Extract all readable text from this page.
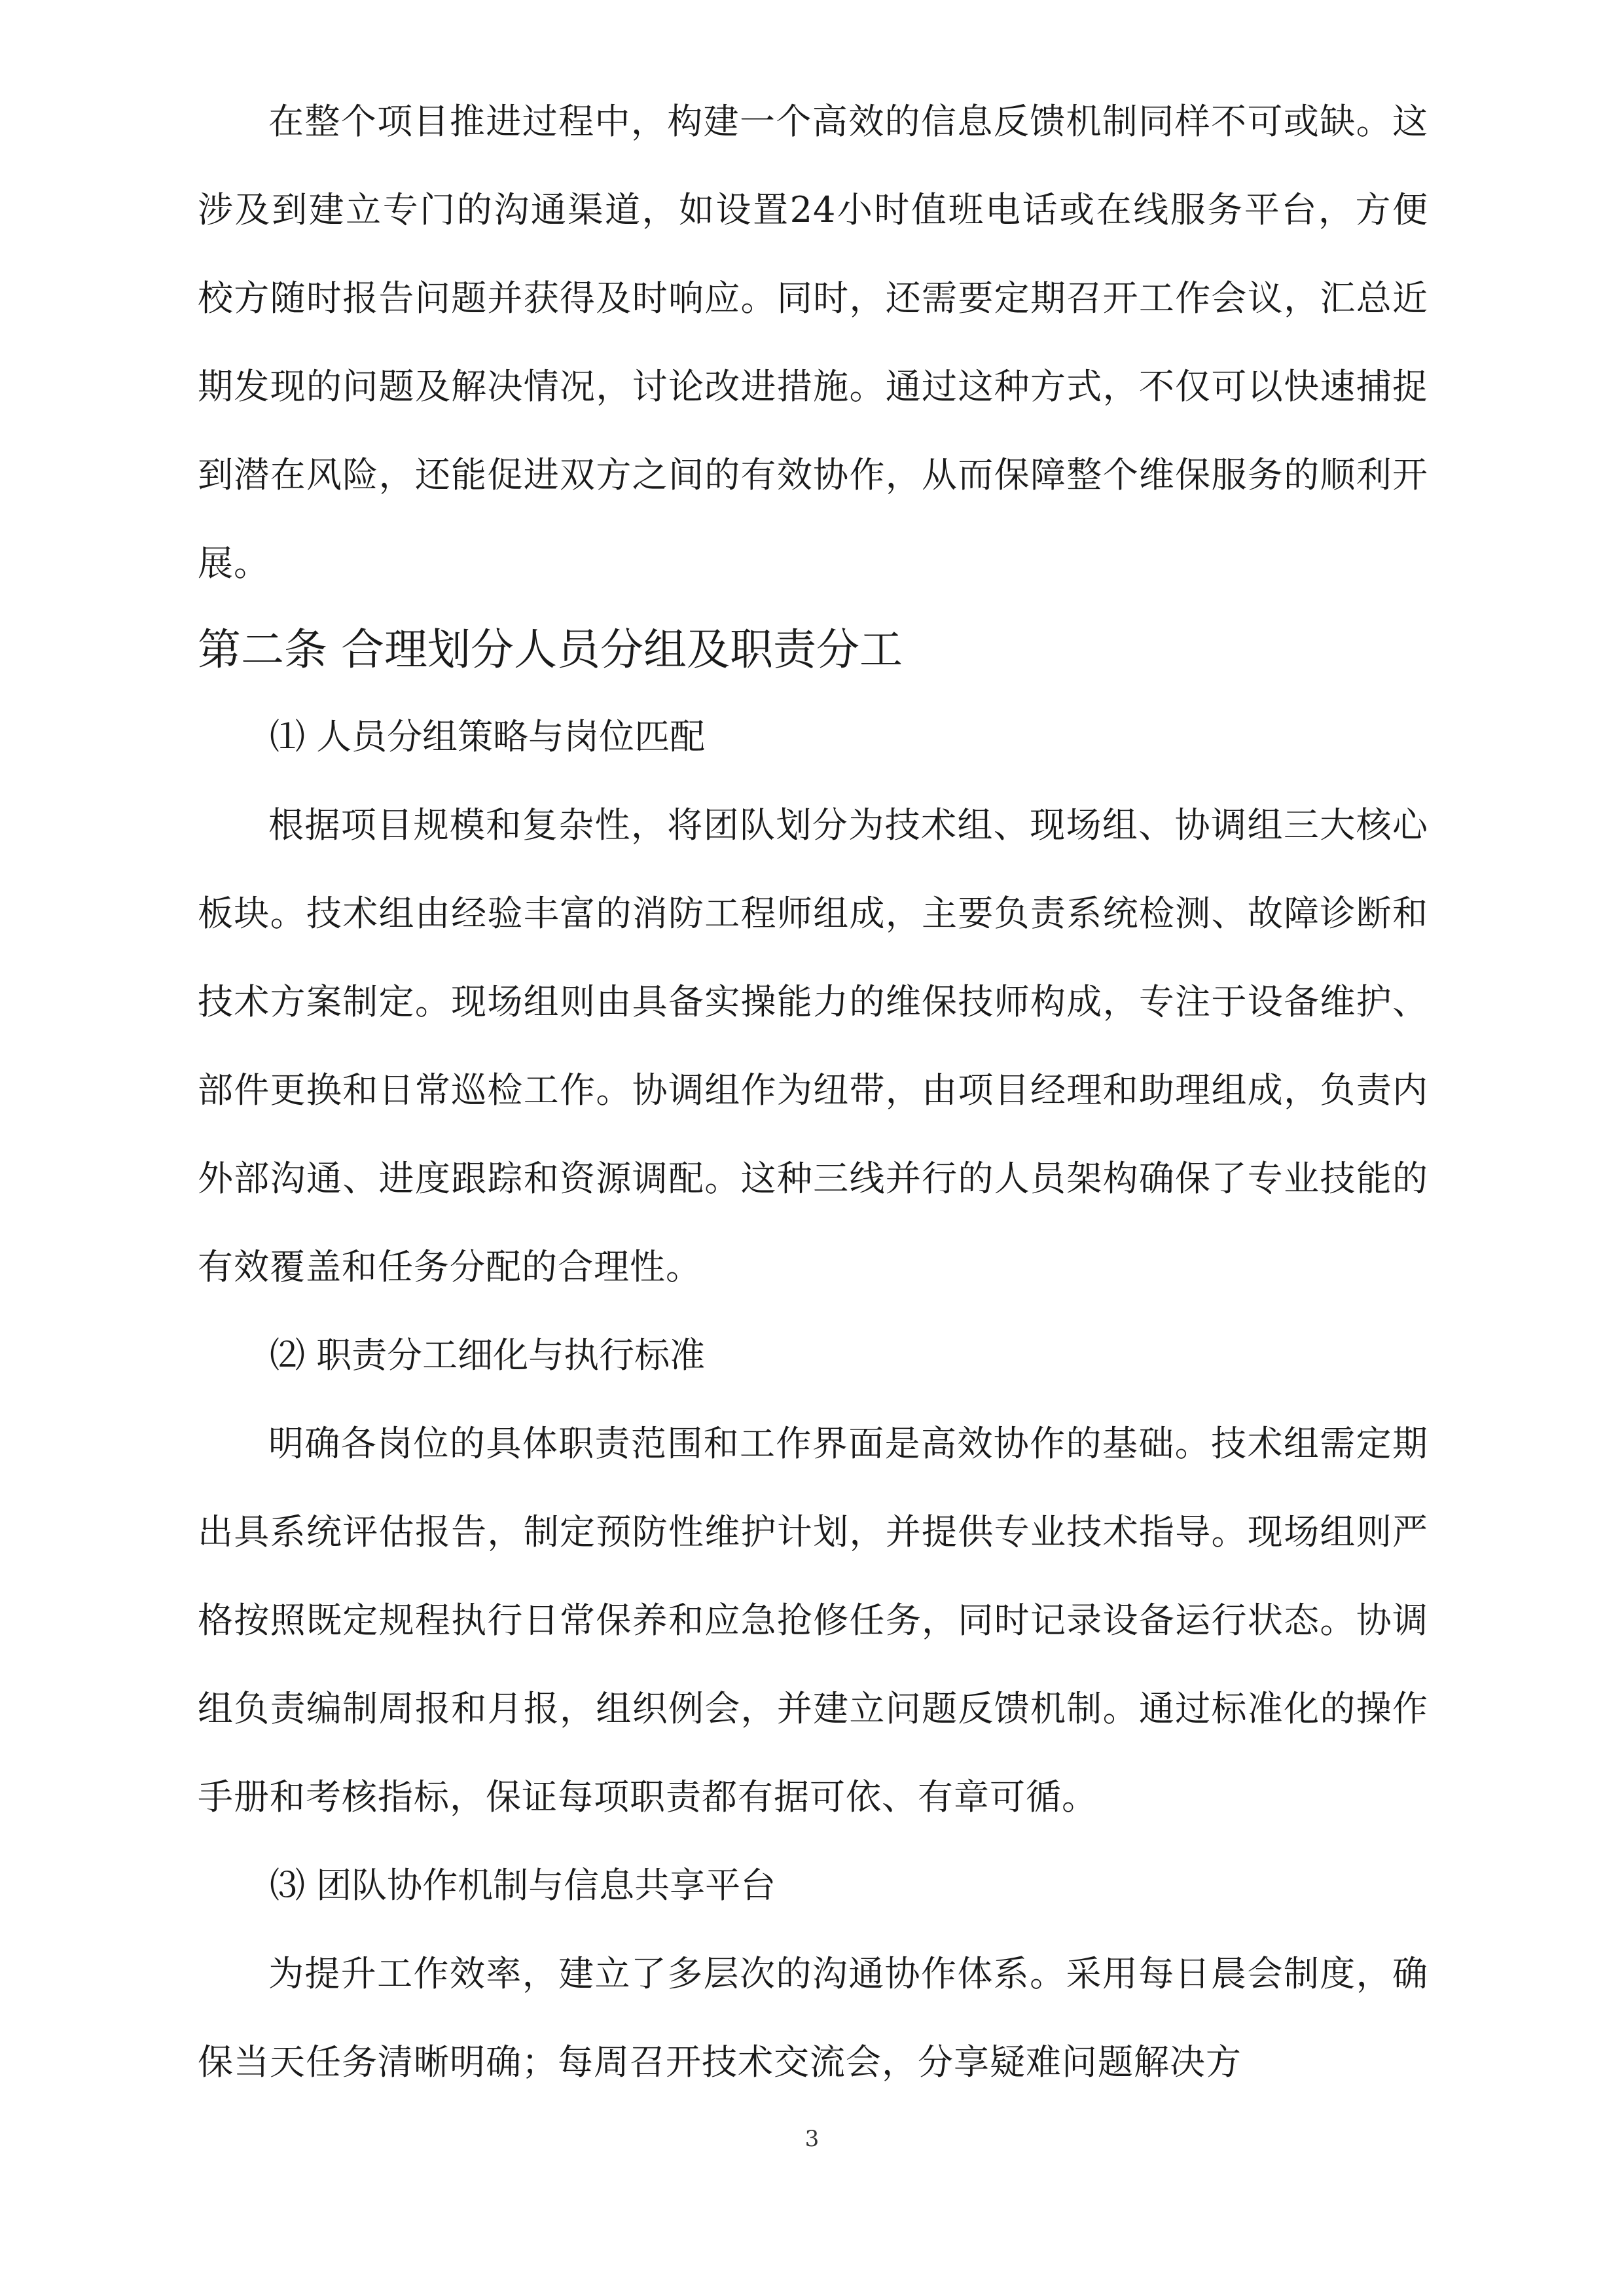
在整个项目推进过程中，构建一个高效的信息反馈机制同样不可或缺。这涉及到建立专门的沟通渠道，如设置24小时值班电话或在线服务平台，方便校方随时报告问题并获得及时响应。同时，还需要定期召开工作会议，汇总近期发现的问题及解决情况，讨论改进措施。通过这种方式，不仅可以快速捕捉到潜在风险，还能促进双方之间的有效协作，从而保障整个维保服务的顺利开展。

第二条 合理划分人员分组及职责分工

⑴ 人员分组策略与岗位匹配

根据项目规模和复杂性，将团队划分为技术组、现场组、协调组三大核心板块。技术组由经验丰富的消防工程师组成，主要负责系统检测、故障诊断和技术方案制定。现场组则由具备实操能力的维保技师构成，专注于设备维护、部件更换和日常巡检工作。协调组作为纽带，由项目经理和助理组成，负责内外部沟通、进度跟踪和资源调配。这种三线并行的人员架构确保了专业技能的有效覆盖和任务分配的合理性。

⑵ 职责分工细化与执行标准

明确各岗位的具体职责范围和工作界面是高效协作的基础。技术组需定期出具系统评估报告，制定预防性维护计划，并提供专业技术指导。现场组则严格按照既定规程执行日常保养和应急抢修任务，同时记录设备运行状态。协调组负责编制周报和月报，组织例会，并建立问题反馈机制。通过标准化的操作手册和考核指标，保证每项职责都有据可依、有章可循。

⑶ 团队协作机制与信息共享平台

为提升工作效率，建立了多层次的沟通协作体系。采用每日晨会制度，确保当天任务清晰明确；每周召开技术交流会，分享疑难问题解决方

3
